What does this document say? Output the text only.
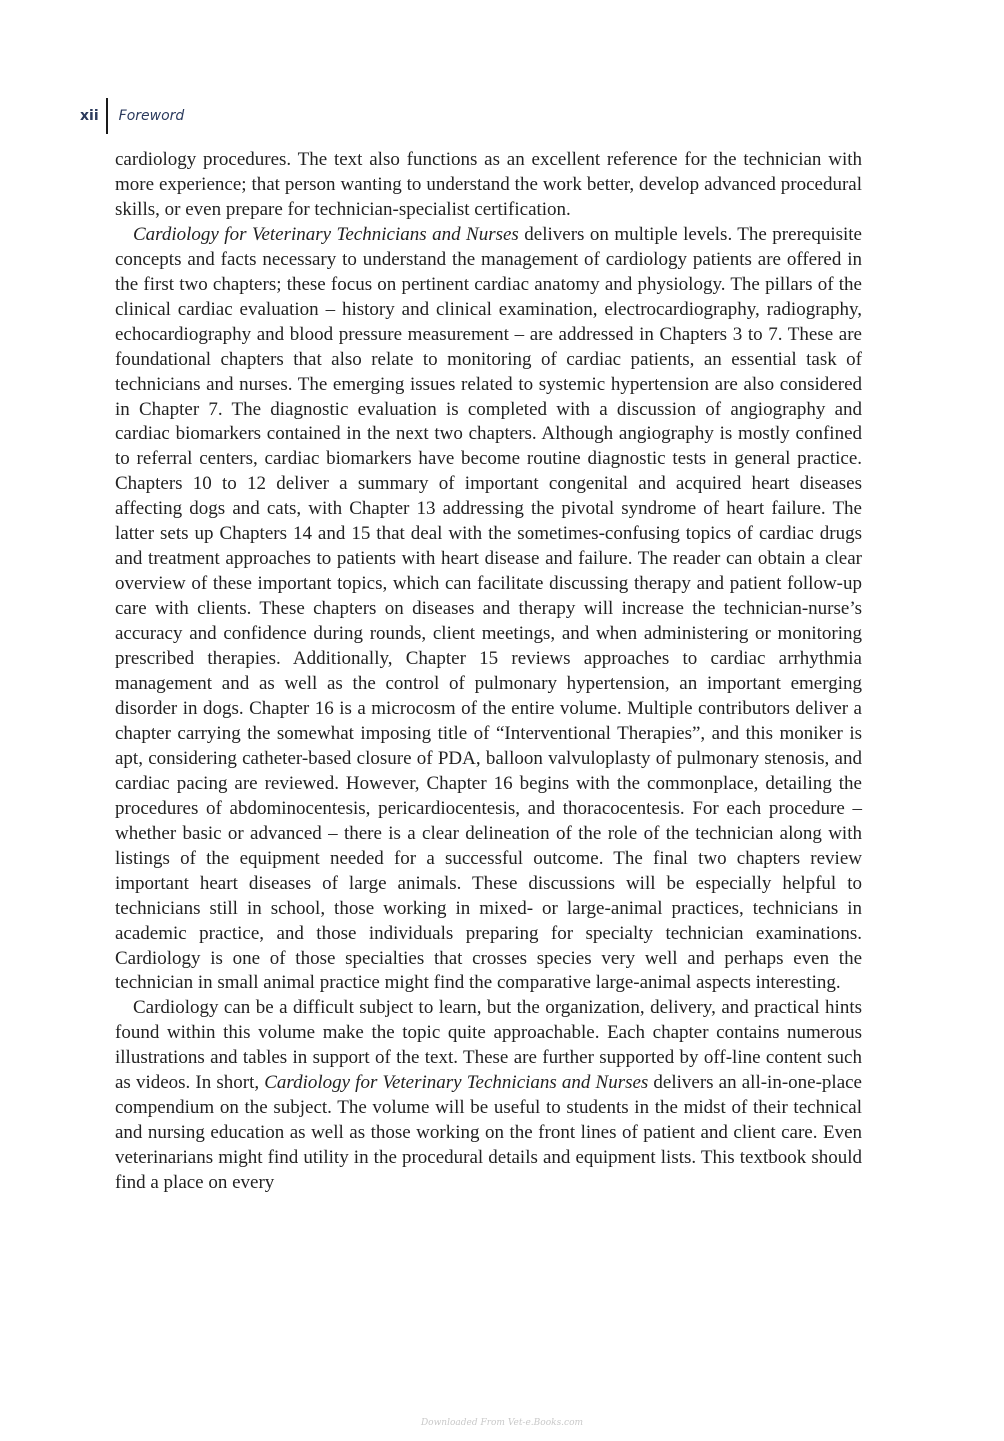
xii	Foreword

cardiology procedures. The text also functions as an excellent reference for the technician with more experience; that person wanting to understand the work better, develop advanced procedural skills, or even prepare for technician-specialist certification.

Cardiology for Veterinary Technicians and Nurses delivers on multiple levels. The prerequisite concepts and facts necessary to understand the management of cardiology patients are offered in the first two chapters; these focus on pertinent cardiac anatomy and physiology. The pillars of the clinical cardiac evaluation – history and clinical examination, electrocardiography, radiography, echocardiography and blood pressure measurement – are addressed in Chapters 3 to 7. These are foundational chapters that also relate to monitoring of cardiac patients, an essential task of technicians and nurses. The emerging issues related to systemic hypertension are also considered in Chapter 7. The diagnostic evaluation is completed with a discussion of angiography and cardiac biomarkers contained in the next two chapters. Although angiography is mostly confined to referral centers, cardiac biomarkers have become routine diagnostic tests in general practice. Chapters 10 to 12 deliver a summary of important congenital and acquired heart diseases affecting dogs and cats, with Chapter 13 addressing the pivotal syndrome of heart failure. The latter sets up Chapters 14 and 15 that deal with the sometimes-confusing topics of cardiac drugs and treatment approaches to patients with heart disease and failure. The reader can obtain a clear overview of these important topics, which can facilitate discussing therapy and patient follow-up care with clients. These chapters on diseases and therapy will increase the technician-nurse’s accuracy and confidence during rounds, client meetings, and when administering or monitoring prescribed therapies. Additionally, Chapter 15 reviews approaches to cardiac arrhythmia management and as well as the control of pulmonary hypertension, an important emerging disorder in dogs. Chapter 16 is a microcosm of the entire volume. Multiple contributors deliver a chapter carrying the somewhat imposing title of “Interventional Therapies”, and this moniker is apt, considering catheter-based closure of PDA, balloon valvuloplasty of pulmonary stenosis, and cardiac pacing are reviewed. However, Chapter 16 begins with the commonplace, detailing the procedures of abdominocentesis, pericardiocentesis, and thoracocentesis. For each procedure – whether basic or advanced – there is a clear delineation of the role of the technician along with listings of the equipment needed for a successful outcome. The final two chapters review important heart diseases of large animals. These discussions will be especially helpful to technicians still in school, those working in mixed- or large-animal practices, technicians in academic practice, and those individuals preparing for specialty technician examinations. Cardiology is one of those specialties that crosses species very well and perhaps even the technician in small animal practice might find the comparative large-animal aspects interesting.

Cardiology can be a difficult subject to learn, but the organization, delivery, and practical hints found within this volume make the topic quite approachable. Each chapter contains numerous illustrations and tables in support of the text. These are further supported by off-line content such as videos. In short, Cardiology for Veterinary Technicians and Nurses delivers an all-in-one-place compendium on the subject. The volume will be useful to students in the midst of their technical and nursing education as well as those working on the front lines of patient and client care. Even veterinarians might find utility in the procedural details and equipment lists. This textbook should find a place on every

Downloaded From Vet-e.Books.com
